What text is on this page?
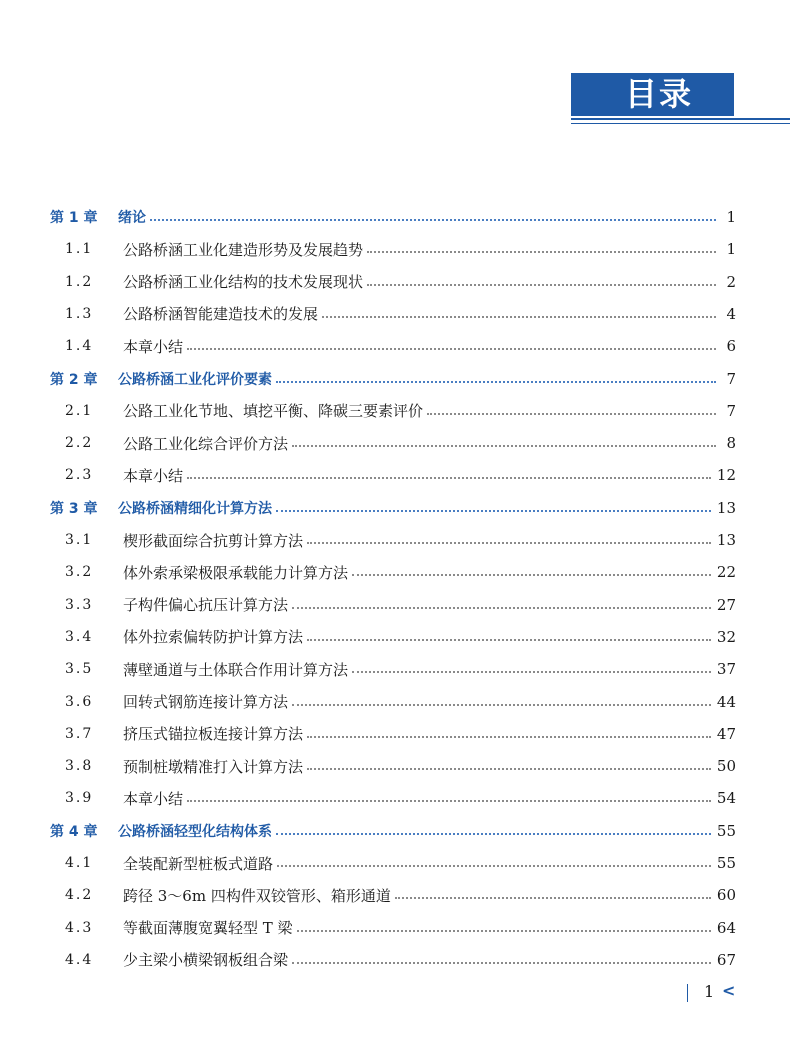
目录
第 1 章	绪论	1
1.1	公路桥涵工业化建造形势及发展趋势	1
1.2	公路桥涵工业化结构的技术发展现状	2
1.3	公路桥涵智能建造技术的发展	4
1.4	本章小结	6
第 2 章	公路桥涵工业化评价要素	7
2.1	公路工业化节地、填挖平衡、降碳三要素评价	7
2.2	公路工业化综合评价方法	8
2.3	本章小结	12
第 3 章	公路桥涵精细化计算方法	13
3.1	楔形截面综合抗剪计算方法	13
3.2	体外索承梁极限承载能力计算方法	22
3.3	子构件偏心抗压计算方法	27
3.4	体外拉索偏转防护计算方法	32
3.5	薄壁通道与土体联合作用计算方法	37
3.6	回转式钢筋连接计算方法	44
3.7	挤压式锚拉板连接计算方法	47
3.8	预制桩墩精准打入计算方法	50
3.9	本章小结	54
第 4 章	公路桥涵轻型化结构体系	55
4.1	全装配新型桩板式道路	55
4.2	跨径 3～6m 四构件双铰管形、箱形通道	60
4.3	等截面薄腹宽翼轻型 T 梁	64
4.4	少主梁小横梁钢板组合梁	67
1 <
